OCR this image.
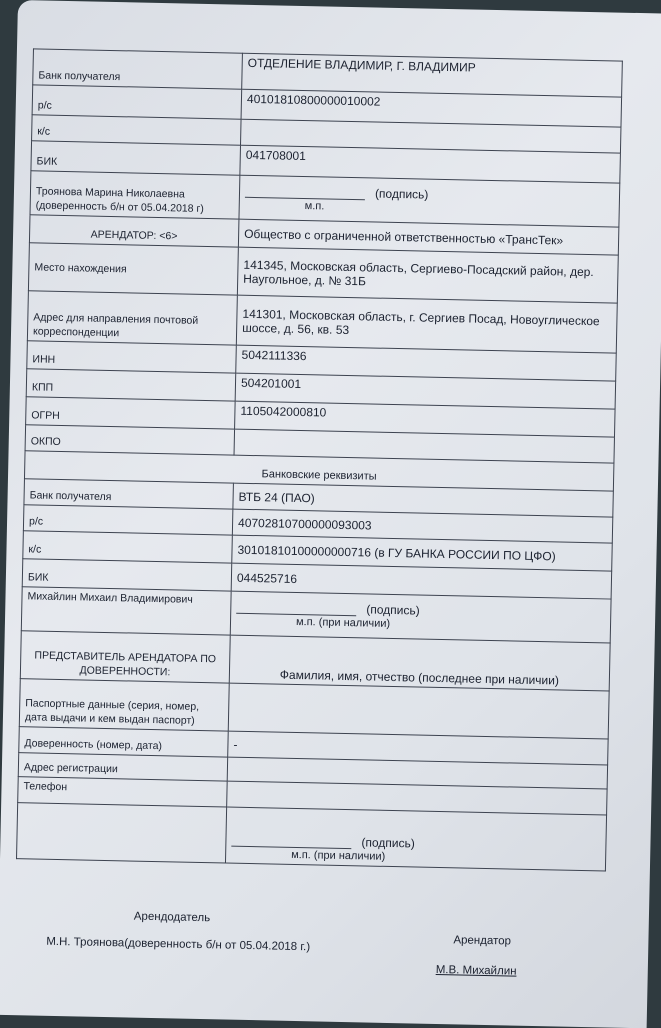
Банк получателя	ОТДЕЛЕНИЕ ВЛАДИМИР, Г. ВЛАДИМИР
р/с	40101810800000010002
к/с	
БИК	041708001
Троянова Марина Николаевна (доверенность б/н от 05.04.2018 г)	(подпись)
м.п.

АРЕНДАТОР: <6>	Общество с ограниченной ответственностью «ТрансТек»
Место нахождения	141345, Московская область, Сергиево-Посадский район, дер. Наугольное, д. № 31Б
Адрес для направления почтовой корреспонденции	141301, Московская область, г. Сергиев Посад, Новоуглическое шоссе, д. 56, кв. 53
ИНН	5042111336
КПП	504201001
ОГРН	1105042000810
ОКПО	
Банковские реквизиты	
Банк получателя	ВТБ 24 (ПАО)
р/с	40702810700000093003
к/с	30101810100000000716 (в ГУ БАНКА РОССИИ ПО ЦФО)
БИК	044525716
Михайлин Михаил Владимирович	(подпись)
м.п. (при наличии)

ПРЕДСТАВИТЕЛЬ АРЕНДАТОРА ПО ДОВЕРЕННОСТИ:	Фамилия, имя, отчество (последнее при наличии)
Паспортные данные (серия, номер, дата выдачи и кем выдан паспорт)	
Доверенность (номер, дата)	-
Адрес регистрации	
Телефон	
	(подпись)
м.п. (при наличии)
Арендодатель
М.Н. Троянова(доверенность б/н от 05.04.2018 г.)	Арендатор
М.В. Михайлин
